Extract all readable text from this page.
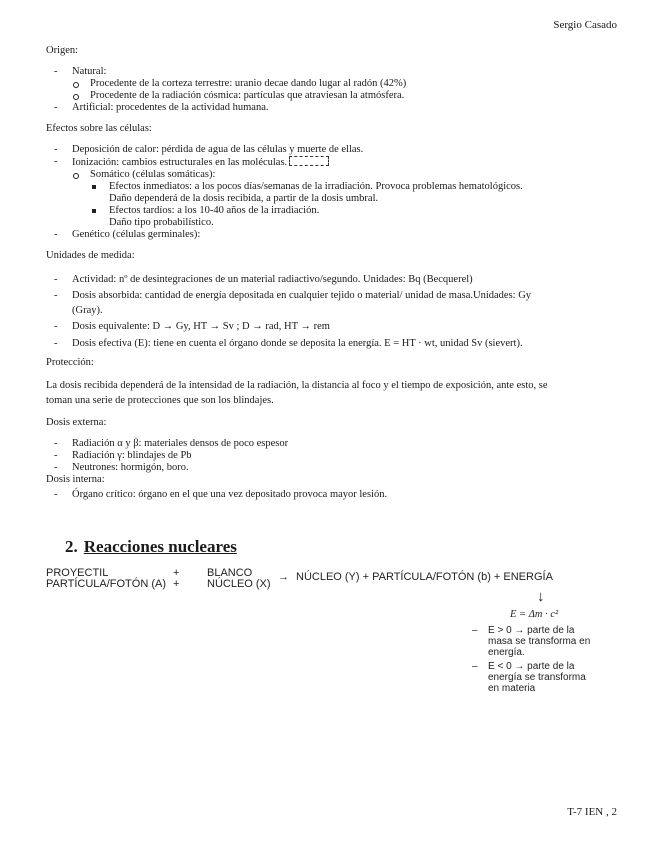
Sergio Casado

Origen:

- Natural:
Procedente de la corteza terrestre: uranio decae dando lugar al radón (42%)
Procedente de la radiación cósmica: partículas que atraviesan la atmósfera.
- Artificial: procedentes de la actividad humana.

Efectos sobre las células:

- Deposición de calor: pérdida de agua de las células y muerte de ellas.
- Ionización: cambios estructurales en las moléculas.
Somático (células somáticas):
Efectos inmediatos: a los pocos días/semanas de la irradiación. Provoca problemas hematológicos.
Daño dependerá de la dosis recibida, a partir de la dosis umbral.
Efectos tardíos: a los 10-40 años de la irradiación.
Daño tipo probabilístico.
- Genético (células germinales):

Unidades de medida:

- Actividad: nº de desintegraciones de un material radiactivo/segundo. Unidades: Bq (Becquerel)
- Dosis absorbida: cantidad de energía depositada en cualquier tejido o material/ unidad de masa.Unidades: Gy
(Gray).
- Dosis equivalente: D → Gy, HT → Sv ; D → rad, HT → rem
- Dosis efectiva (E): tiene en cuenta el órgano donde se deposita la energía. E = HT · wt, unidad Sv (sievert).

Protección:

La dosis recibida dependerá de la intensidad de la radiación, la distancia al foco y el tiempo de exposición, ante esto, se

toman una serie de protecciones que son los blindajes.

Dosis externa:

- Radiación α y β: materiales densos de poco espesor
- Radiación γ: blindajes de Pb
- Neutrones: hormigón, boro.

Dosis interna:

- Órgano crítico: órgano en el que una vez depositado provoca mayor lesión.
2. Reacciones nucleares
PROYECTIL
PARTÍCULA/FOTÓN (A)
+
+
BLANCO
NÚCLEO (X)
→ NÚCLEO (Y) + PARTÍCULA/FOTÓN (b) + ENERGÍA
↓
E = Δm · c²
– E > 0 → parte de la
masa se transforma en
energía.
– E < 0 → parte de la
energía se transforma
en materia
T-7 IEN , 2
